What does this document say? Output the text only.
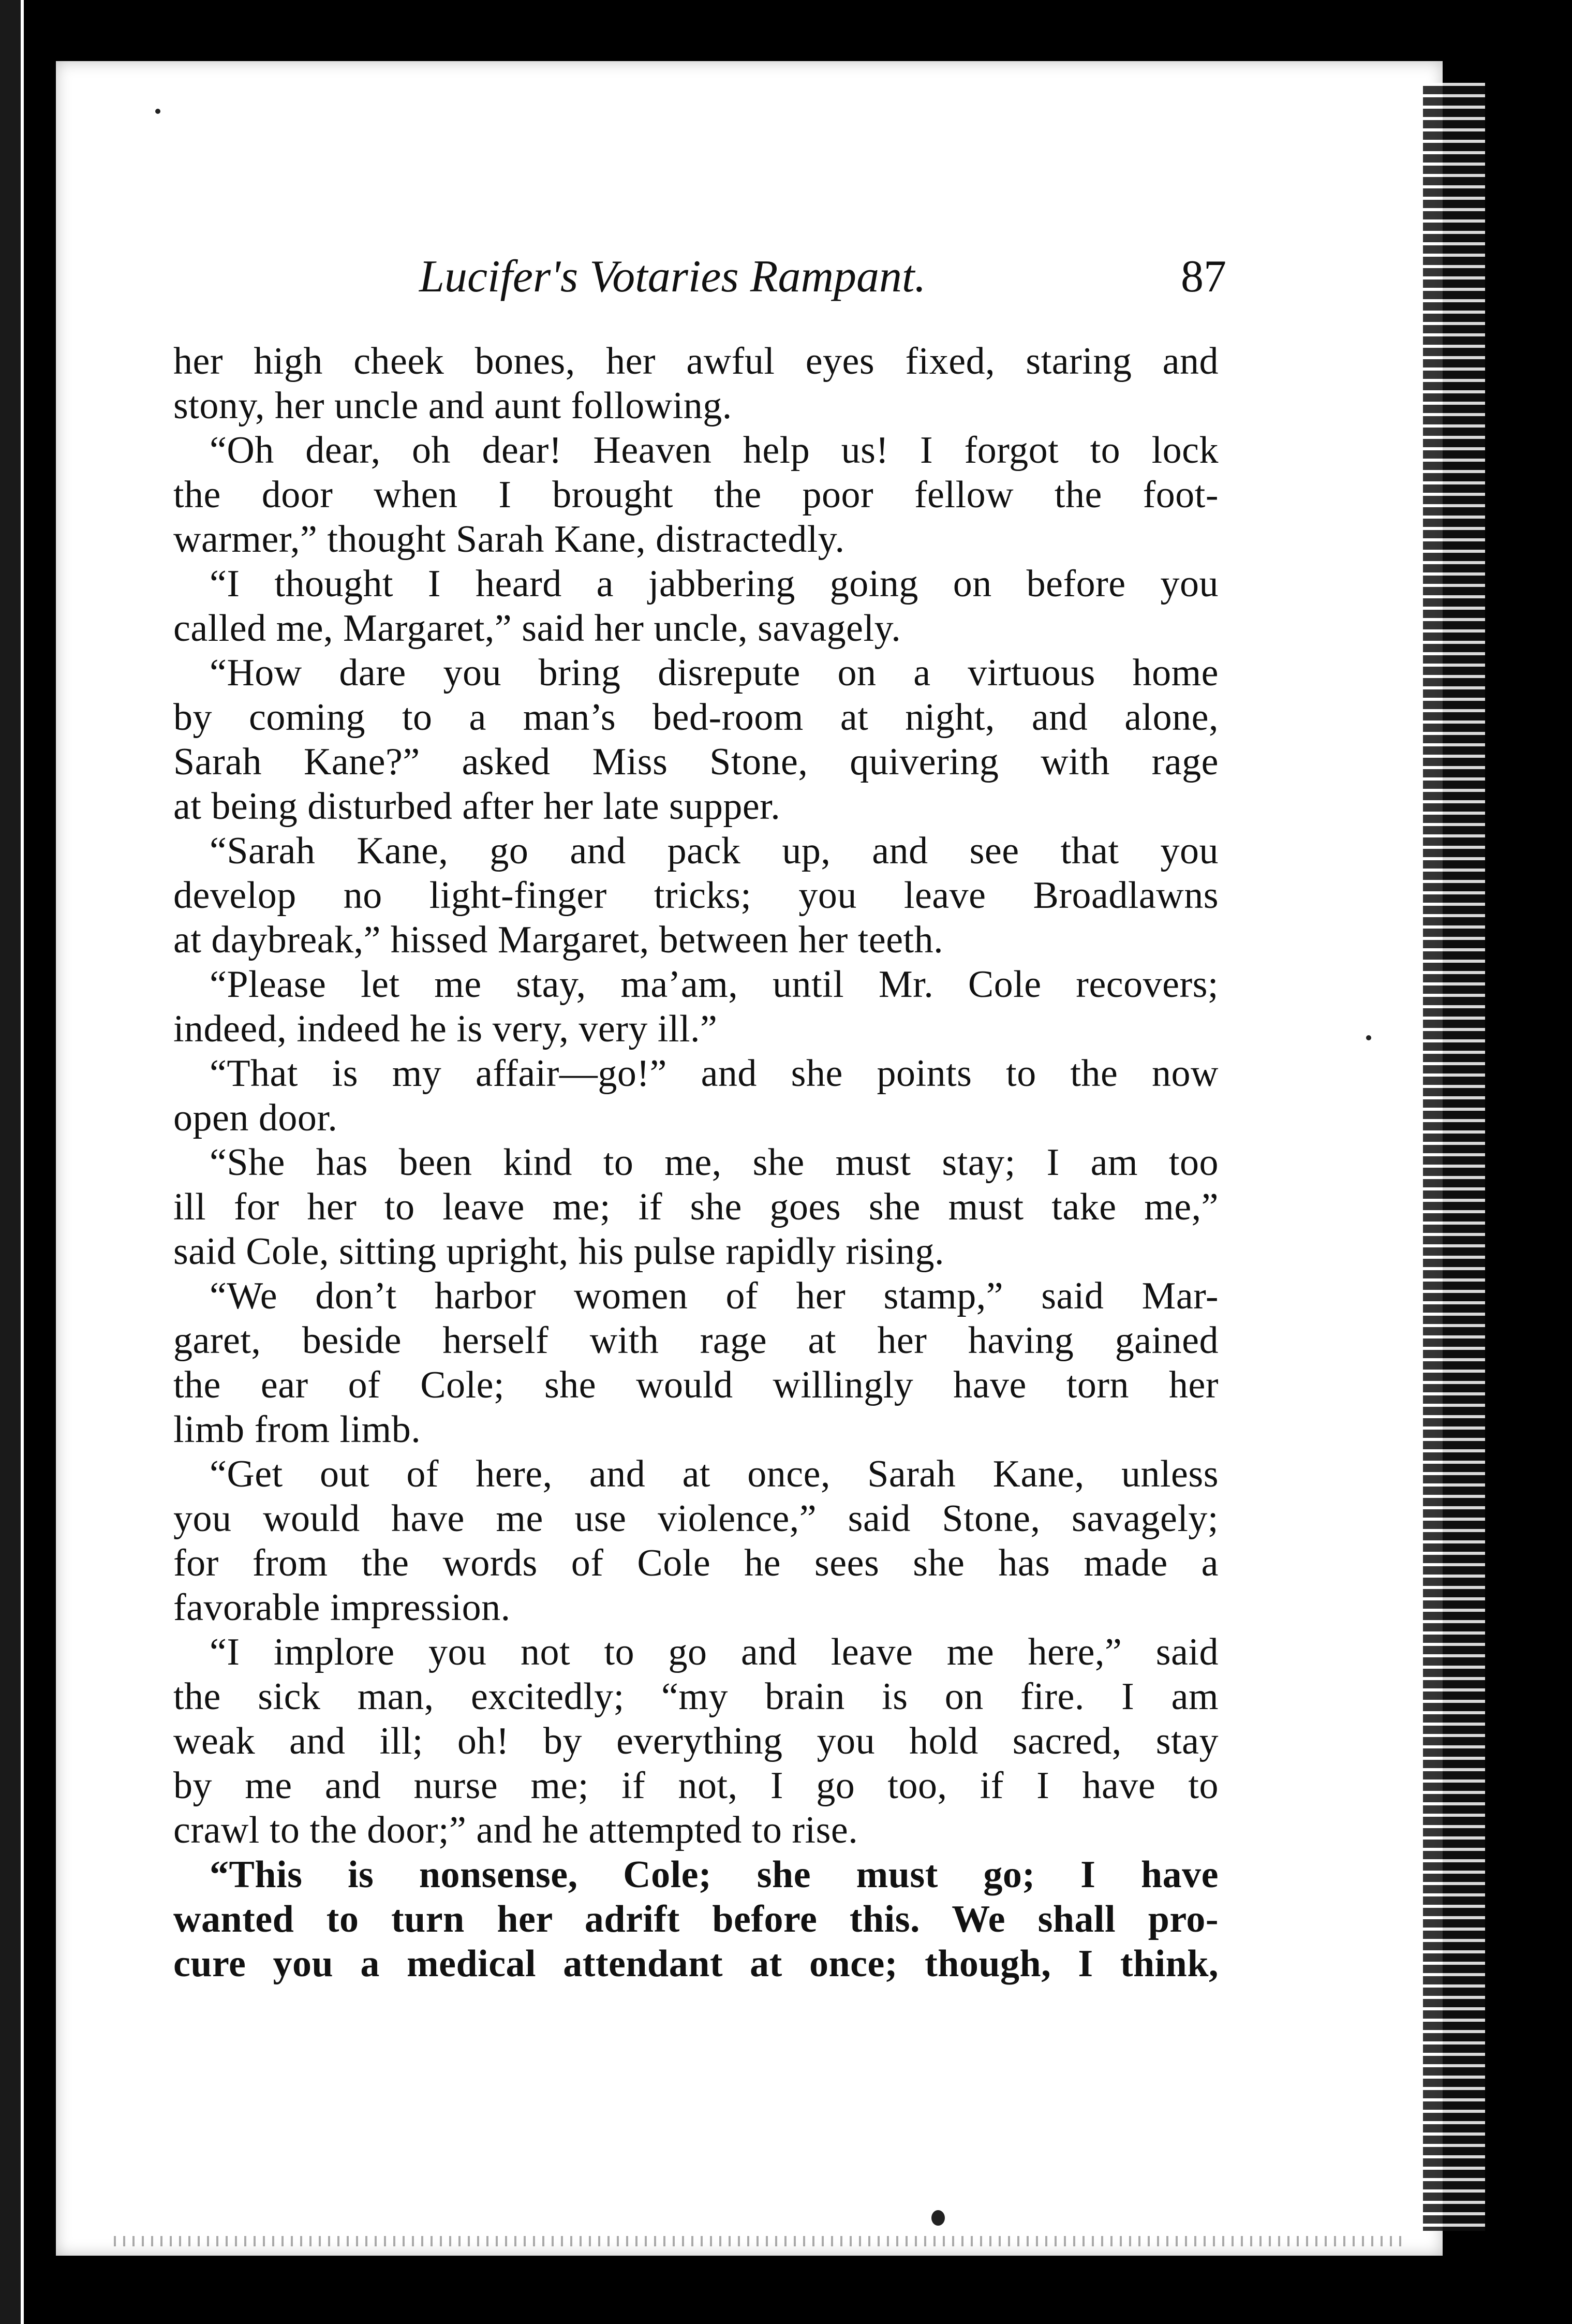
Lucifer's Votaries Rampant.	87
her high cheek bones, her awful eyes fixed, staring and
stony, her uncle and aunt following.
“Oh dear, oh dear! Heaven help us! I forgot to lock
the door when I brought the poor fellow the foot-
warmer,” thought Sarah Kane, distractedly.
“I thought I heard a jabbering going on before you
called me, Margaret,” said her uncle, savagely.
“How dare you bring disrepute on a virtuous home
by coming to a man’s bed-room at night, and alone,
Sarah Kane?” asked Miss Stone, quivering with rage
at being disturbed after her late supper.
“Sarah Kane, go and pack up, and see that you
develop no light-finger tricks; you leave Broadlawns
at daybreak,” hissed Margaret, between her teeth.
“Please let me stay, ma’am, until Mr. Cole recovers;
indeed, indeed he is very, very ill.”
“That is my affair—go!” and she points to the now
open door.
“She has been kind to me, she must stay; I am too
ill for her to leave me; if she goes she must take me,”
said Cole, sitting upright, his pulse rapidly rising.
“We don’t harbor women of her stamp,” said Mar-
garet, beside herself with rage at her having gained
the ear of Cole; she would willingly have torn her
limb from limb.
“Get out of here, and at once, Sarah Kane, unless
you would have me use violence,” said Stone, savagely;
for from the words of Cole he sees she has made a
favorable impression.
“I implore you not to go and leave me here,” said
the sick man, excitedly; “my brain is on fire. I am
weak and ill; oh! by everything you hold sacred, stay
by me and nurse me; if not, I go too, if I have to
crawl to the door;” and he attempted to rise.
“This is nonsense, Cole; she must go; I have
wanted to turn her adrift before this. We shall pro-
cure you a medical attendant at once; though, I think,
